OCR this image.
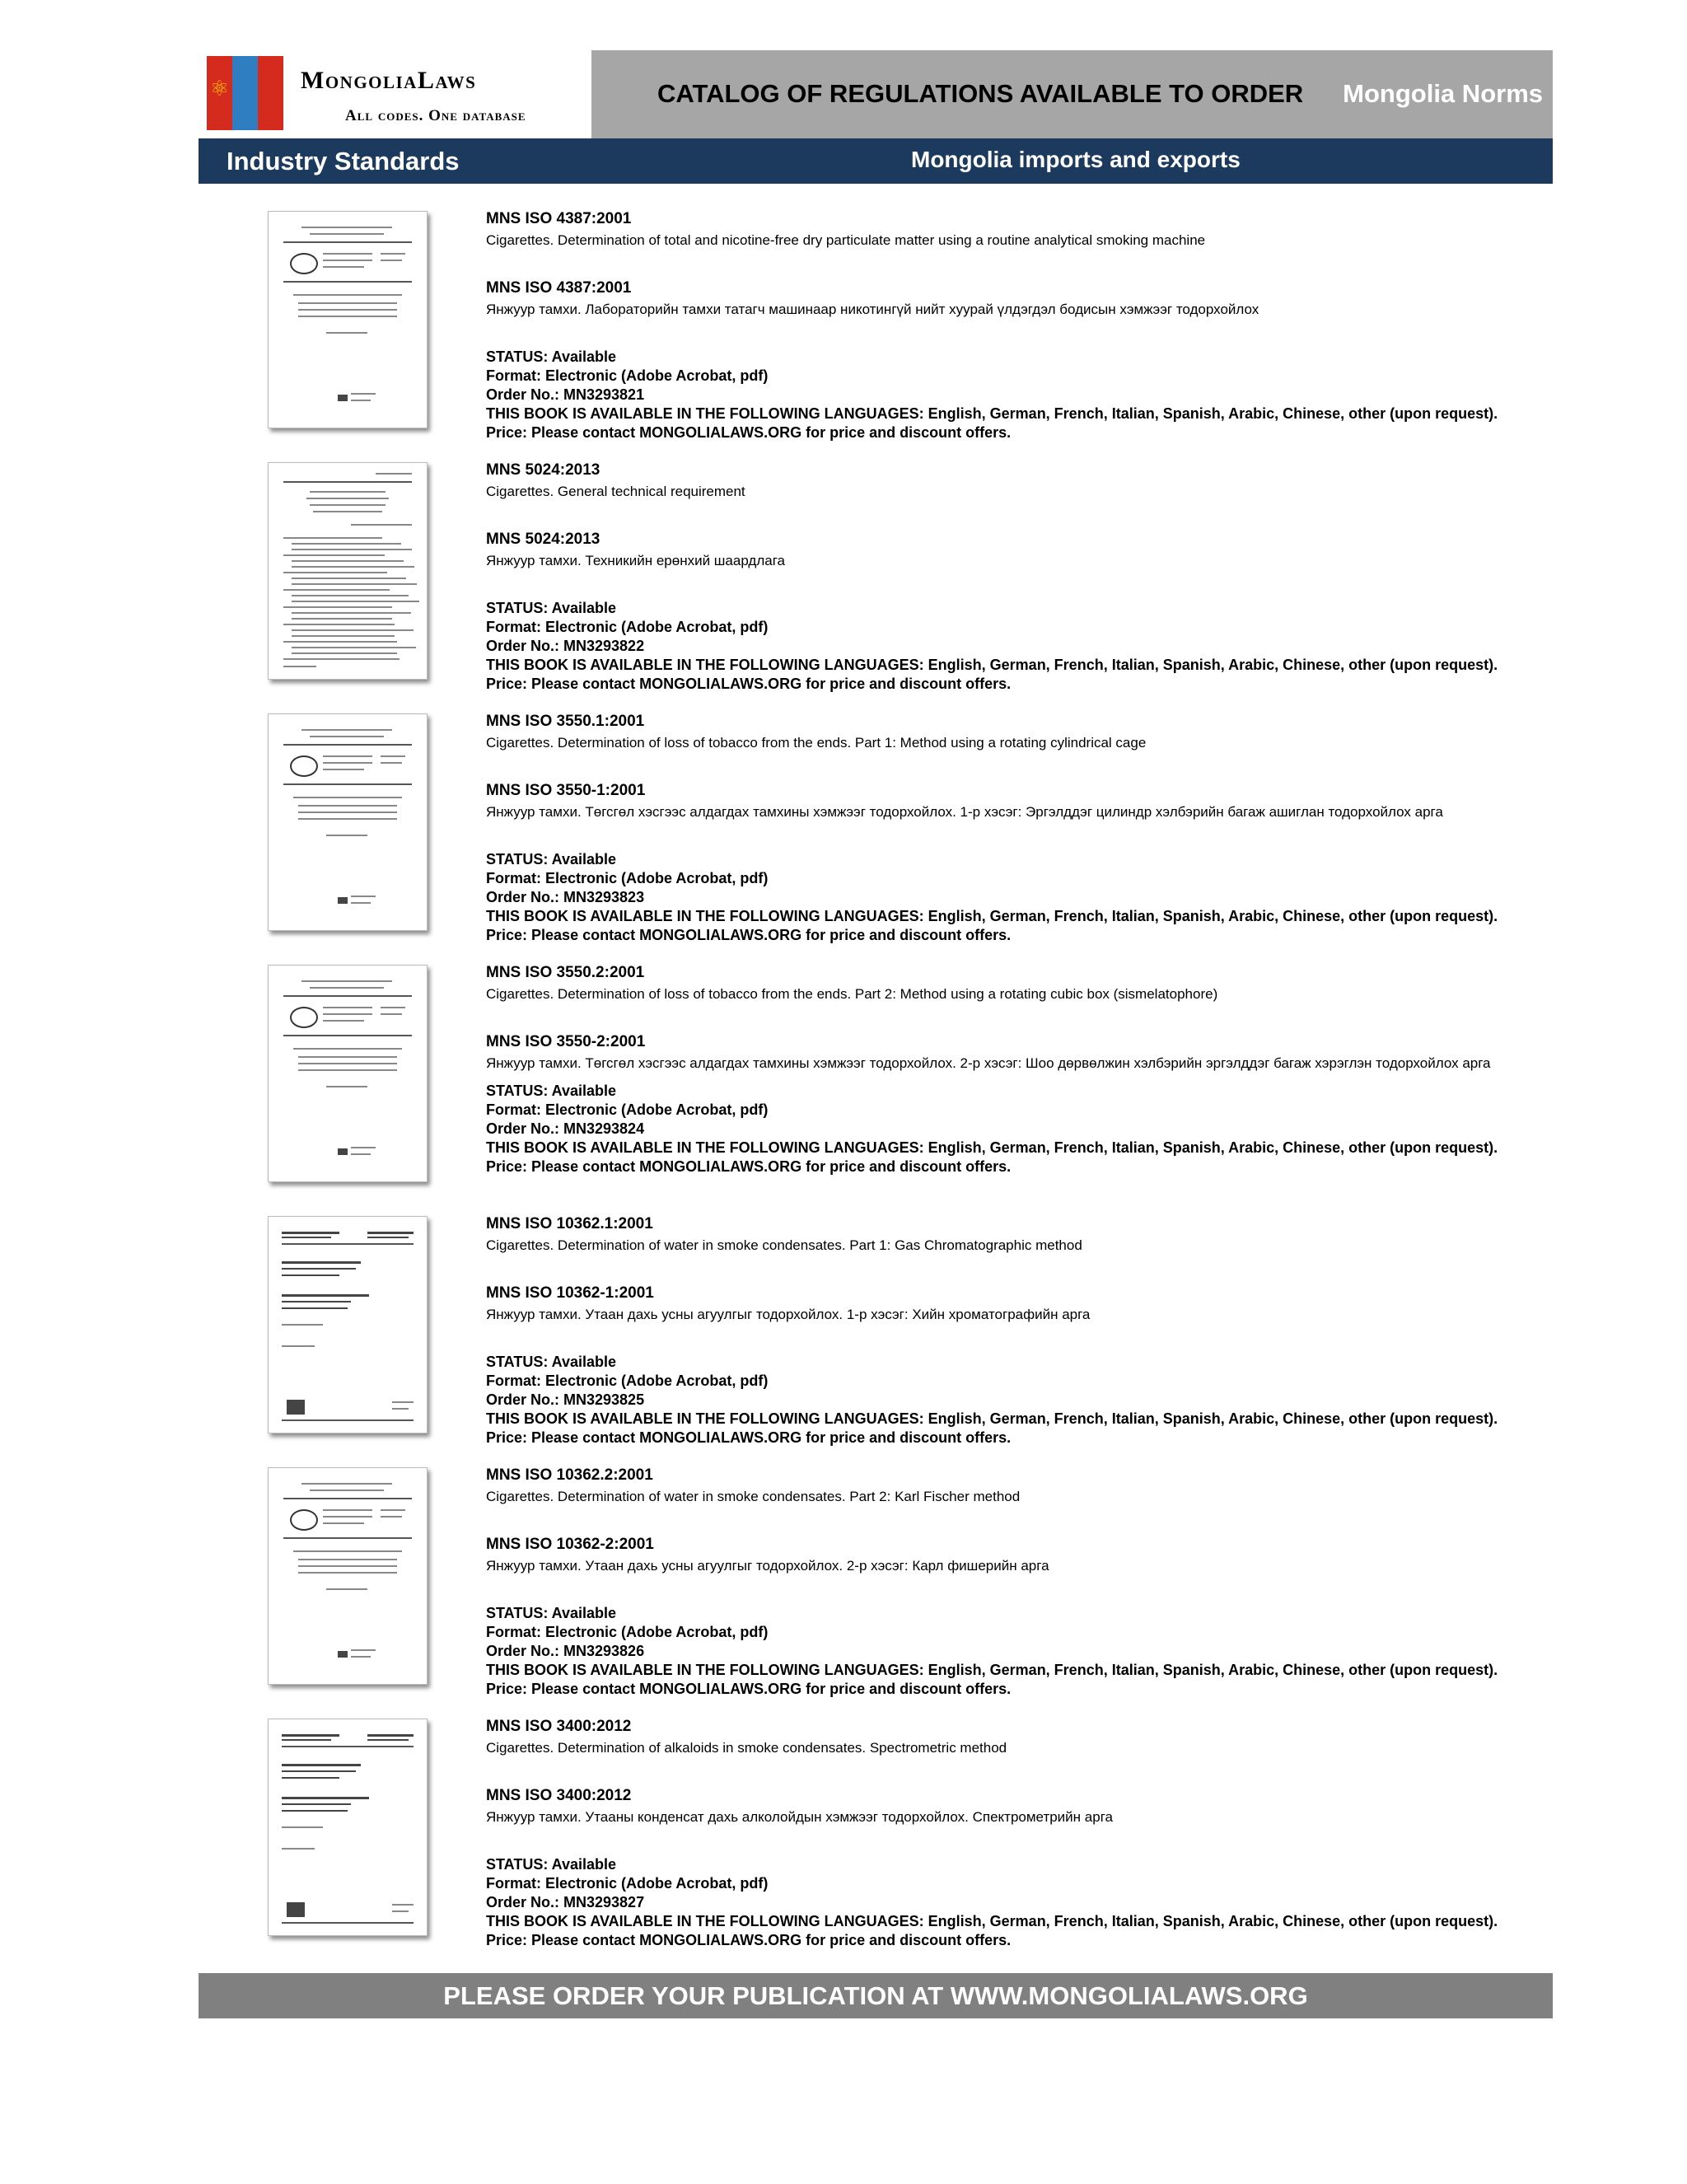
⚛	MongoliaLaws
All codes. One database
CATALOG OF REGULATIONS AVAILABLE TO ORDER Mongolia Norms
Industry Standards	Mongolia imports and exports

MNS ISO 4387:2001

Cigarettes. Determination of total and nicotine-free dry particulate matter using a routine analytical smoking machine

MNS ISO 4387:2001

Янжуур тамхи. Лабораторийн тамхи татагч машинаар никотингүй нийт хуурай үлдэгдэл бодисын хэмжээг тодорхойлох

STATUS: Available

Format: Electronic (Adobe Acrobat, pdf)

Order No.: MN3293821

THIS BOOK IS AVAILABLE IN THE FOLLOWING LANGUAGES: English, German, French, Italian, Spanish, Arabic, Chinese, other (upon request).

Price: Please contact MONGOLIALAWS.ORG for price and discount offers.

MNS 5024:2013

Cigarettes. General technical requirement

MNS 5024:2013

Янжуур тамхи. Техникийн ерөнхий шаардлага

STATUS: Available

Format: Electronic (Adobe Acrobat, pdf)

Order No.: MN3293822

THIS BOOK IS AVAILABLE IN THE FOLLOWING LANGUAGES: English, German, French, Italian, Spanish, Arabic, Chinese, other (upon request).

Price: Please contact MONGOLIALAWS.ORG for price and discount offers.

MNS ISO 3550.1:2001

Cigarettes. Determination of loss of tobacco from the ends. Part 1: Method using a rotating cylindrical cage

MNS ISO 3550-1:2001

Янжуур тамхи. Төгсгөл хэсгээс алдагдах тамхины хэмжээг тодорхойлох. 1-р хэсэг: Эргэлддэг цилиндр хэлбэрийн багаж ашиглан тодорхойлох арга

STATUS: Available

Format: Electronic (Adobe Acrobat, pdf)

Order No.: MN3293823

THIS BOOK IS AVAILABLE IN THE FOLLOWING LANGUAGES: English, German, French, Italian, Spanish, Arabic, Chinese, other (upon request).

Price: Please contact MONGOLIALAWS.ORG for price and discount offers.

MNS ISO 3550.2:2001

Cigarettes. Determination of loss of tobacco from the ends. Part 2: Method using a rotating cubic box (sismelatophore)

MNS ISO 3550-2:2001

Янжуур тамхи. Төгсгөл хэсгээс алдагдах тамхины хэмжээг тодорхойлох. 2-р хэсэг: Шоо дөрвөлжин хэлбэрийн эргэлддэг багаж хэрэглэн тодорхойлох арга

STATUS: Available

Format: Electronic (Adobe Acrobat, pdf)

Order No.: MN3293824

THIS BOOK IS AVAILABLE IN THE FOLLOWING LANGUAGES: English, German, French, Italian, Spanish, Arabic, Chinese, other (upon request).

Price: Please contact MONGOLIALAWS.ORG for price and discount offers.

MNS ISO 10362.1:2001

Cigarettes. Determination of water in smoke condensates. Part 1: Gas Chromatographic method

MNS ISO 10362-1:2001

Янжуур тамхи. Утаан дахь усны агуулгыг тодорхойлох. 1-р хэсэг: Хийн хроматографийн арга

STATUS: Available

Format: Electronic (Adobe Acrobat, pdf)

Order No.: MN3293825

THIS BOOK IS AVAILABLE IN THE FOLLOWING LANGUAGES: English, German, French, Italian, Spanish, Arabic, Chinese, other (upon request).

Price: Please contact MONGOLIALAWS.ORG for price and discount offers.

MNS ISO 10362.2:2001

Cigarettes. Determination of water in smoke condensates. Part 2: Karl Fischer method

MNS ISO 10362-2:2001

Янжуур тамхи. Утаан дахь усны агуулгыг тодорхойлох. 2-р хэсэг: Карл фишерийн арга

STATUS: Available

Format: Electronic (Adobe Acrobat, pdf)

Order No.: MN3293826

THIS BOOK IS AVAILABLE IN THE FOLLOWING LANGUAGES: English, German, French, Italian, Spanish, Arabic, Chinese, other (upon request).

Price: Please contact MONGOLIALAWS.ORG for price and discount offers.

MNS ISO 3400:2012

Cigarettes. Determination of alkaloids in smoke condensates. Spectrometric method

MNS ISO 3400:2012

Янжуур тамхи. Утааны конденсат дахь алколойдын хэмжээг тодорхойлох. Спектрометрийн арга

STATUS: Available

Format: Electronic (Adobe Acrobat, pdf)

Order No.: MN3293827

THIS BOOK IS AVAILABLE IN THE FOLLOWING LANGUAGES: English, German, French, Italian, Spanish, Arabic, Chinese, other (upon request).

Price: Please contact MONGOLIALAWS.ORG for price and discount offers.

PLEASE ORDER YOUR PUBLICATION AT WWW.MONGOLIALAWS.ORG
